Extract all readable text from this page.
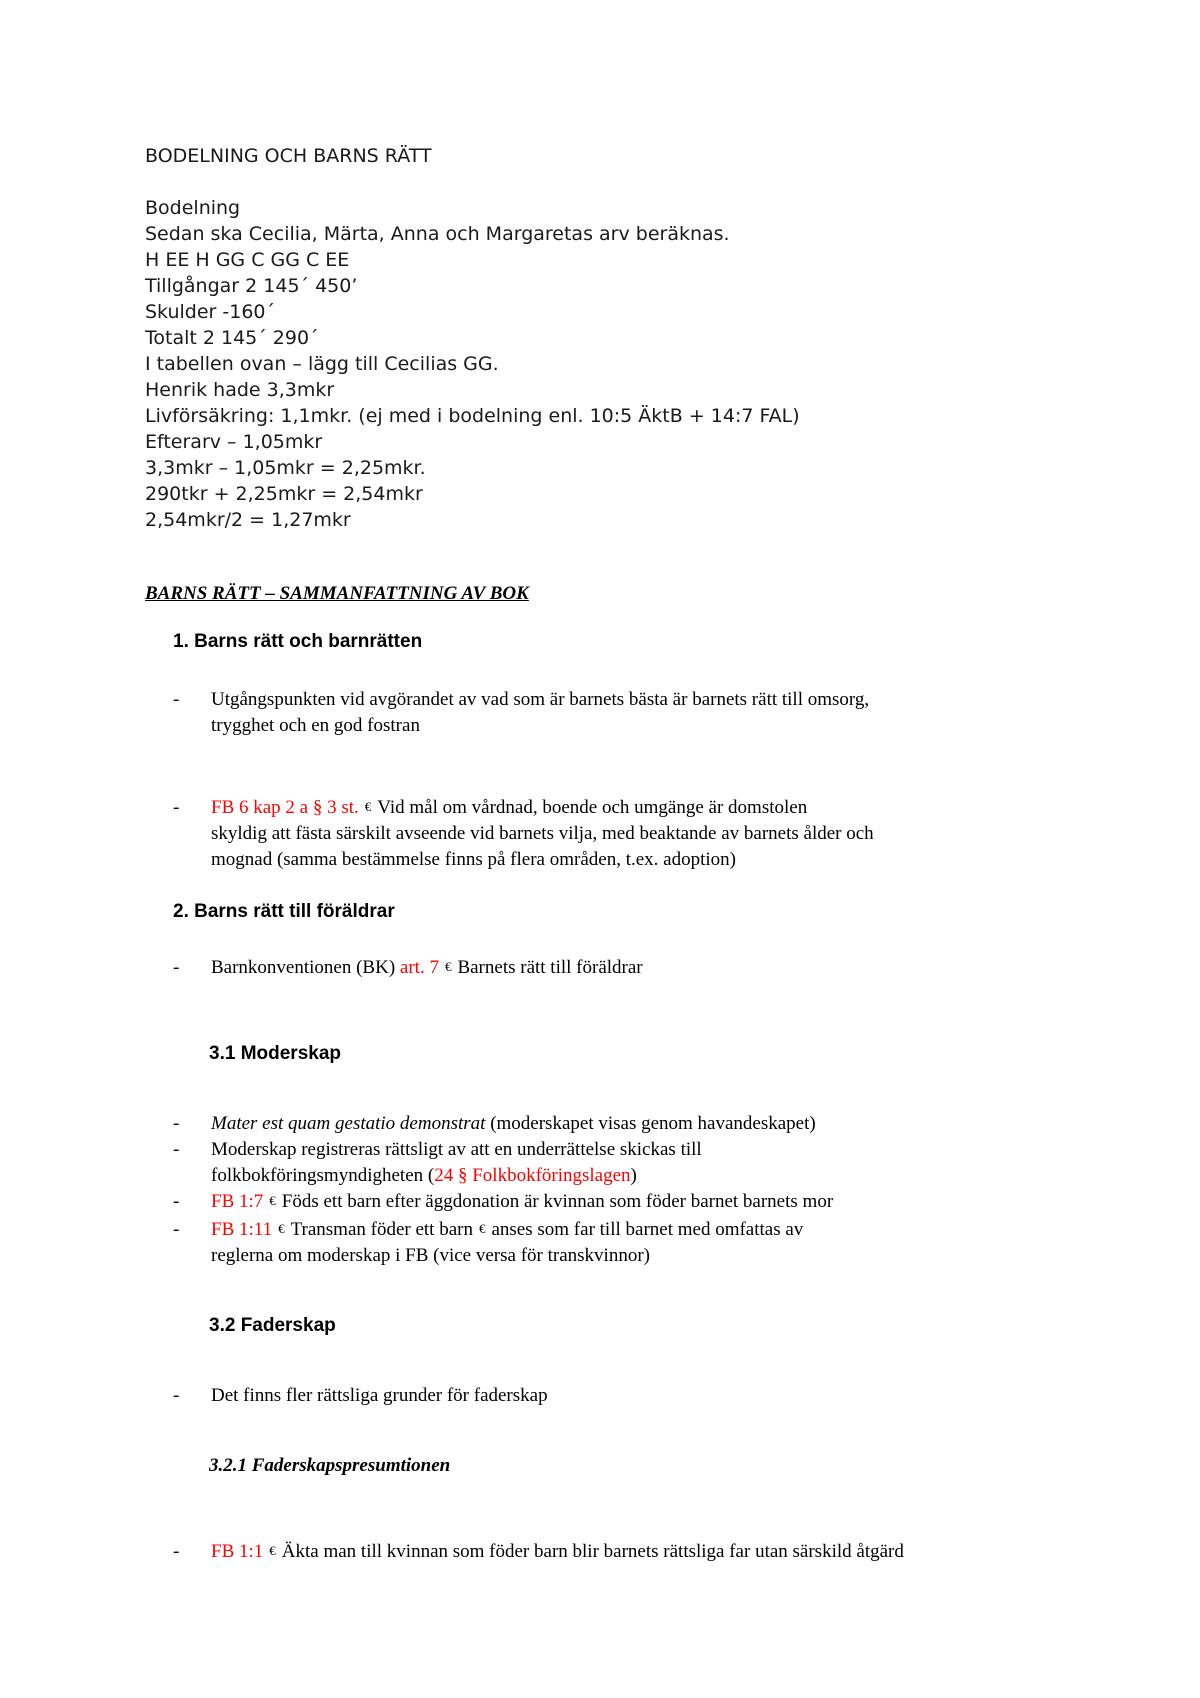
BODELNING OCH BARNS RÄTT
Bodelning
Sedan ska Cecilia, Märta, Anna och Margaretas arv beräknas.
H EE H GG C GG C EE
Tillgångar 2 145´ 450’
Skulder -160´
Totalt 2 145´ 290´
I tabellen ovan – lägg till Cecilias GG.
Henrik hade 3,3mkr
Livförsäkring: 1,1mkr. (ej med i bodelning enl. 10:5 ÄktB + 14:7 FAL)
Efterarv – 1,05mkr
3,3mkr – 1,05mkr = 2,25mkr.
290tkr + 2,25mkr = 2,54mkr
2,54mkr/2 = 1,27mkr
BARNS RÄTT – SAMMANFATTNING AV BOK
1. Barns rätt och barnrätten
- Utgångspunkten vid avgörandet av vad som är barnets bästa är barnets rätt till omsorg,
trygghet och en god fostran
- FB 6 kap 2 a § 3 st. € Vid mål om vårdnad, boende och umgänge är domstolen
skyldig att fästa särskilt avseende vid barnets vilja, med beaktande av barnets ålder och
mognad (samma bestämmelse finns på flera områden, t.ex. adoption)
2. Barns rätt till föräldrar
- Barnkonventionen (BK) art. 7 € Barnets rätt till föräldrar
3.1 Moderskap
- Mater est quam gestatio demonstrat (moderskapet visas genom havandeskapet)
- Moderskap registreras rättsligt av att en underrättelse skickas till
folkbokföringsmyndigheten (24 § Folkbokföringslagen)
- FB 1:7 € Föds ett barn efter äggdonation är kvinnan som föder barnet barnets mor
- FB 1:11 € Transman föder ett barn € anses som far till barnet med omfattas av
reglerna om moderskap i FB (vice versa för transkvinnor)
3.2 Faderskap
- Det finns fler rättsliga grunder för faderskap
3.2.1 Faderskapspresumtionen
- FB 1:1 € Äkta man till kvinnan som föder barn blir barnets rättsliga far utan särskild åtgärd
